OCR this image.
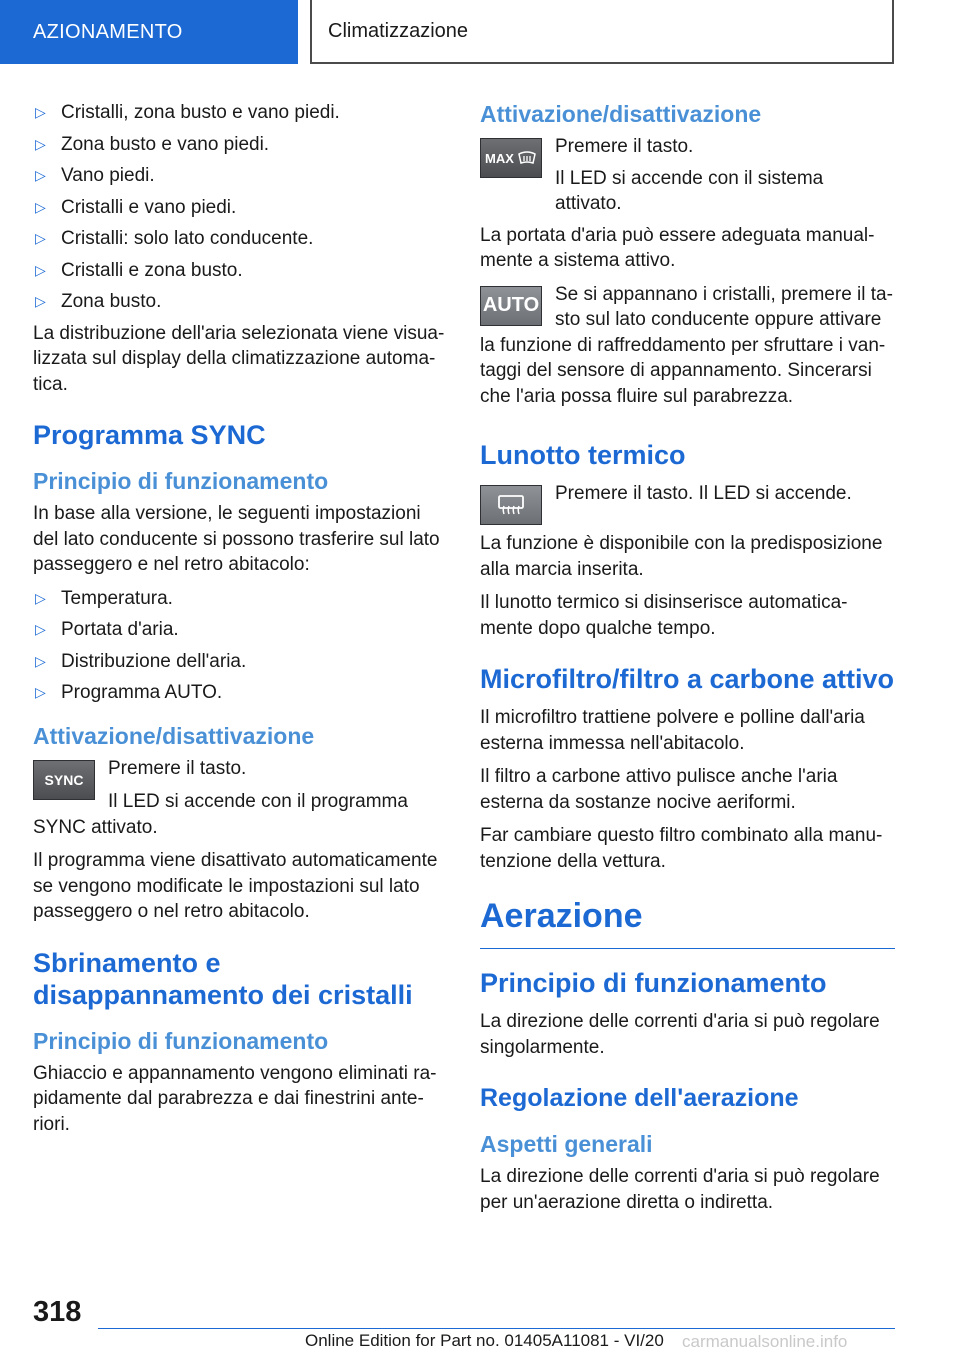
AZIONAMENTO	Climatizzazione
▷ Cristalli, zona busto e vano piedi.
▷ Zona busto e vano piedi.
▷ Vano piedi.
▷ Cristalli e vano piedi.
▷ Cristalli: solo lato conducente.
▷ Cristalli e zona busto.
▷ Zona busto.

La distribuzione dell'aria selezionata viene visua-lizzata sul display della climatizzazione automa-tica.

Programma SYNC
Principio di funzionamento

In base alla versione, le seguenti impostazioni del lato conducente si possono trasferire sul lato passeggero e nel retro abitacolo:

▷ Temperatura.
▷ Portata d'aria.
▷ Distribuzione dell'aria.
▷ Programma AUTO.
Attivazione/disattivazione
SYNC

Premere il tasto.

Il LED si accende con il programma SYNC attivato.

Il programma viene disattivato automaticamente se vengono modificate le impostazioni sul lato passeggero o nel retro abitacolo.

Sbrinamento e disappannamento dei cristalli
Principio di funzionamento

Ghiaccio e appannamento vengono eliminati ra-pidamente dal parabrezza e dai finestrini ante-riori.

Attivazione/disattivazione
MAX

Premere il tasto.

Il LED si accende con il sistema attivato.

La portata d'aria può essere adeguata manual-mente a sistema attivo.

AUTO Se si appannano i cristalli, premere il ta-sto sul lato conducente oppure attivare la funzione di raffreddamento per sfruttare i van-taggi del sensore di appannamento. Sincerarsi che l'aria possa fluire sul parabrezza.

Lunotto termico

Premere il tasto. Il LED si accende.

La funzione è disponibile con la predisposizione alla marcia inserita.

Il lunotto termico si disinserisce automatica-mente dopo qualche tempo.

Microfiltro/filtro a carbone attivo

Il microfiltro trattiene polvere e polline dall'aria esterna immessa nell'abitacolo.

Il filtro a carbone attivo pulisce anche l'aria esterna da sostanze nocive aeriformi.

Far cambiare questo filtro combinato alla manu-tenzione della vettura.

Aerazione
Principio di funzionamento

La direzione delle correnti d'aria si può regolare singolarmente.

Regolazione dell'aerazione
Aspetti generali

La direzione delle correnti d'aria si può regolare per un'aerazione diretta o indiretta.

318
Online Edition for Part no. 01405A11081 - VI/20 carmanualsonline.info
